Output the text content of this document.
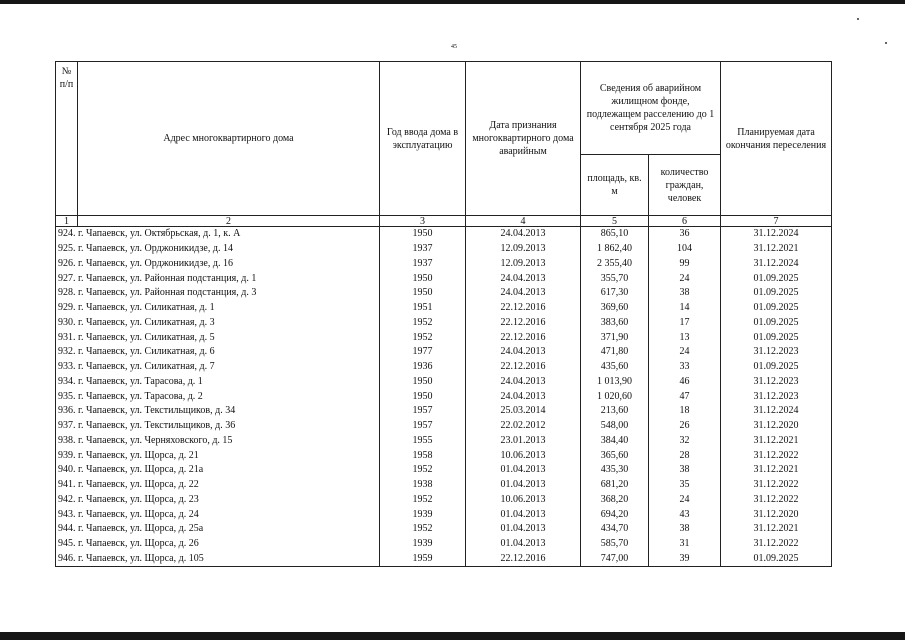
45
№
п/п	Адрес многоквартирного дома	Год ввода дома в эксплуатацию	Дата признания многоквартирного дома аварийным	Сведения об аварийном жилищном фонде, подлежащем расселению до 1 сентября 2025 года		Планируемая дата окончания переселения
				площадь, кв. м	количество граждан, человек	
1	2	3	4	5	6	7
924. г. Чапаевск, ул. Октябрьская, д. 1, к. А		1950	24.04.2013	865,10	36	31.12.2024
925. г. Чапаевск, ул. Орджоникидзе, д. 14		1937	12.09.2013	1 862,40	104	31.12.2021
926. г. Чапаевск, ул. Орджоникидзе, д. 16		1937	12.09.2013	2 355,40	99	31.12.2024
927. г. Чапаевск, ул. Районная подстанция, д. 1		1950	24.04.2013	355,70	24	01.09.2025
928. г. Чапаевск, ул. Районная подстанция, д. 3		1950	24.04.2013	617,30	38	01.09.2025
929. г. Чапаевск, ул. Силикатная, д. 1		1951	22.12.2016	369,60	14	01.09.2025
930. г. Чапаевск, ул. Силикатная, д. 3		1952	22.12.2016	383,60	17	01.09.2025
931. г. Чапаевск, ул. Силикатная, д. 5		1952	22.12.2016	371,90	13	01.09.2025
932. г. Чапаевск, ул. Силикатная, д. 6		1977	24.04.2013	471,80	24	31.12.2023
933. г. Чапаевск, ул. Силикатная, д. 7		1936	22.12.2016	435,60	33	01.09.2025
934. г. Чапаевск, ул. Тарасова, д. 1		1950	24.04.2013	1 013,90	46	31.12.2023
935. г. Чапаевск, ул. Тарасова, д. 2		1950	24.04.2013	1 020,60	47	31.12.2023
936. г. Чапаевск, ул. Текстильщиков, д. 34		1957	25.03.2014	213,60	18	31.12.2024
937. г. Чапаевск, ул. Текстильщиков, д. 36		1957	22.02.2012	548,00	26	31.12.2020
938. г. Чапаевск, ул. Черняховского, д. 15		1955	23.01.2013	384,40	32	31.12.2021
939. г. Чапаевск, ул. Щорса, д. 21		1958	10.06.2013	365,60	28	31.12.2022
940. г. Чапаевск, ул. Щорса, д. 21а		1952	01.04.2013	435,30	38	31.12.2021
941. г. Чапаевск, ул. Щорса, д. 22		1938	01.04.2013	681,20	35	31.12.2022
942. г. Чапаевск, ул. Щорса, д. 23		1952	10.06.2013	368,20	24	31.12.2022
943. г. Чапаевск, ул. Щорса, д. 24		1939	01.04.2013	694,20	43	31.12.2020
944. г. Чапаевск, ул. Щорса, д. 25а		1952	01.04.2013	434,70	38	31.12.2021
945. г. Чапаевск, ул. Щорса, д. 26		1939	01.04.2013	585,70	31	31.12.2022
946. г. Чапаевск, ул. Щорса, д. 105		1959	22.12.2016	747,00	39	01.09.2025
